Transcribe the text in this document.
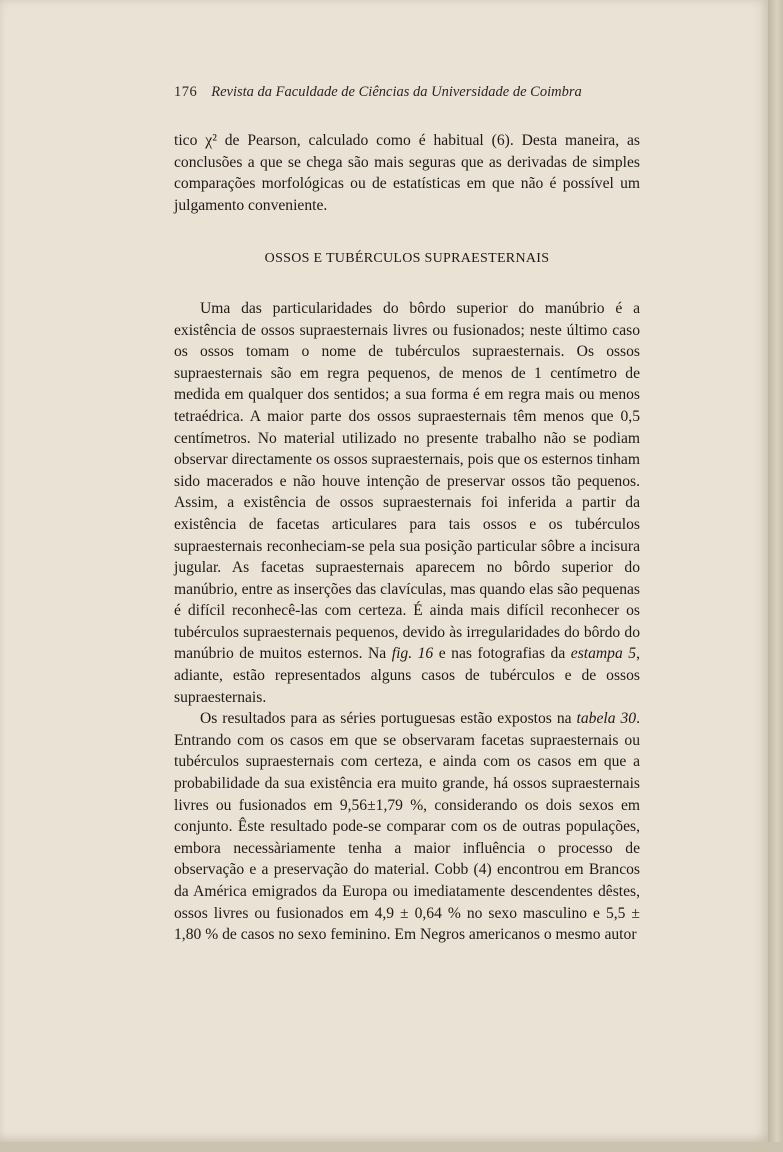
176 Revista da Faculdade de Ciências da Universidade de Coimbra

tico χ² de Pearson, calculado como é habitual (6). Desta maneira, as conclusões a que se chega são mais seguras que as derivadas de simples comparações morfológicas ou de estatísticas em que não é possível um julgamento conveniente.

OSSOS E TUBÉRCULOS SUPRAESTERNAIS

Uma das particularidades do bôrdo superior do manúbrio é a existência de ossos supraesternais livres ou fusionados; neste último caso os ossos tomam o nome de tubérculos supraesternais. Os ossos supraesternais são em regra pequenos, de menos de 1 centímetro de medida em qualquer dos sentidos; a sua forma é em regra mais ou menos tetraédrica. A maior parte dos ossos supraesternais têm menos que 0,5 centímetros. No material utilizado no presente trabalho não se podiam observar directamente os ossos supraesternais, pois que os esternos tinham sido macerados e não houve intenção de preservar ossos tão pequenos. Assim, a existência de ossos supraesternais foi inferida a partir da existência de facetas articulares para tais ossos e os tubérculos supraesternais reconheciam-se pela sua posição particular sôbre a incisura jugular. As facetas supraesternais aparecem no bôrdo superior do manúbrio, entre as inserções das clavículas, mas quando elas são pequenas é difícil reconhecê-las com certeza. É ainda mais difícil reconhecer os tubérculos supraesternais pequenos, devido às irregularidades do bôrdo do manúbrio de muitos esternos. Na fig. 16 e nas fotografias da estampa 5, adiante, estão representados alguns casos de tubérculos e de ossos supraesternais.

Os resultados para as séries portuguesas estão expostos na tabela 30. Entrando com os casos em que se observaram facetas supraesternais ou tubérculos supraesternais com certeza, e ainda com os casos em que a probabilidade da sua existência era muito grande, há ossos supraesternais livres ou fusionados em 9,56±1,79 %, considerando os dois sexos em conjunto. Êste resultado pode-se comparar com os de outras populações, embora necessàriamente tenha a maior influência o processo de observação e a preservação do material. Cobb (4) encontrou em Brancos da América emigrados da Europa ou imediatamente descendentes dêstes, ossos livres ou fusionados em 4,9 ± 0,64 % no sexo masculino e 5,5 ± 1,80 % de casos no sexo feminino. Em Negros americanos o mesmo autor
